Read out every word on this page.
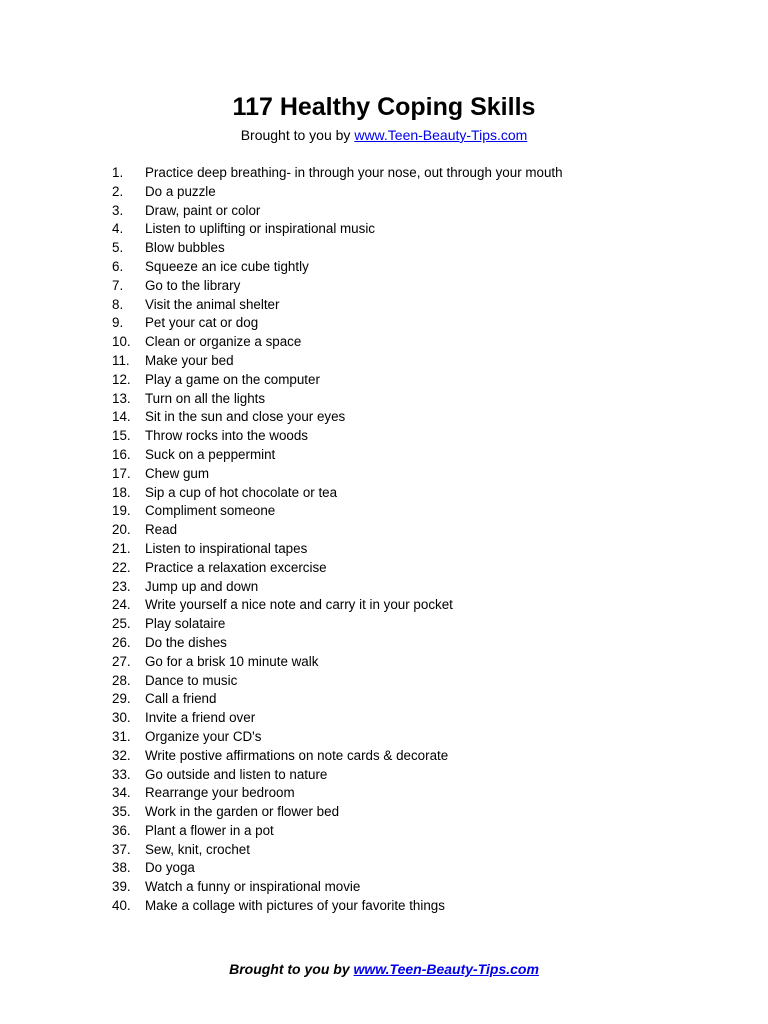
117 Healthy Coping Skills
Brought to you by www.Teen-Beauty-Tips.com
1.	Practice deep breathing- in through your nose, out through your mouth
2.	Do a puzzle
3.	Draw, paint or color
4.	Listen to uplifting or inspirational music
5.	Blow bubbles
6.	Squeeze an ice cube tightly
7.	Go to the library
8.	Visit the animal shelter
9.	Pet your cat or dog
10.	Clean or organize a space
11.	Make your bed
12.	Play a game on the computer
13.	Turn on all the lights
14.	Sit in the sun and close your eyes
15.	Throw rocks into the woods
16.	Suck on a peppermint
17.	Chew gum
18.	Sip a cup of hot chocolate or tea
19.	Compliment someone
20.	Read
21.	Listen to inspirational tapes
22.	Practice a relaxation excercise
23.	Jump up and down
24.	Write yourself a nice note and carry it in your pocket
25.	Play solataire
26.	Do the dishes
27.	Go for a brisk 10 minute walk
28.	Dance to music
29.	Call a friend
30.	Invite a friend over
31.	Organize your CD's
32.	Write postive affirmations on note cards & decorate
33.	Go outside and listen to nature
34.	Rearrange your bedroom
35.	Work in the garden or flower bed
36.	Plant a flower in a pot
37.	Sew, knit, crochet
38.	Do yoga
39.	Watch a funny or inspirational movie
40.	Make a collage with pictures of your favorite things
Brought to you by www.Teen-Beauty-Tips.com
